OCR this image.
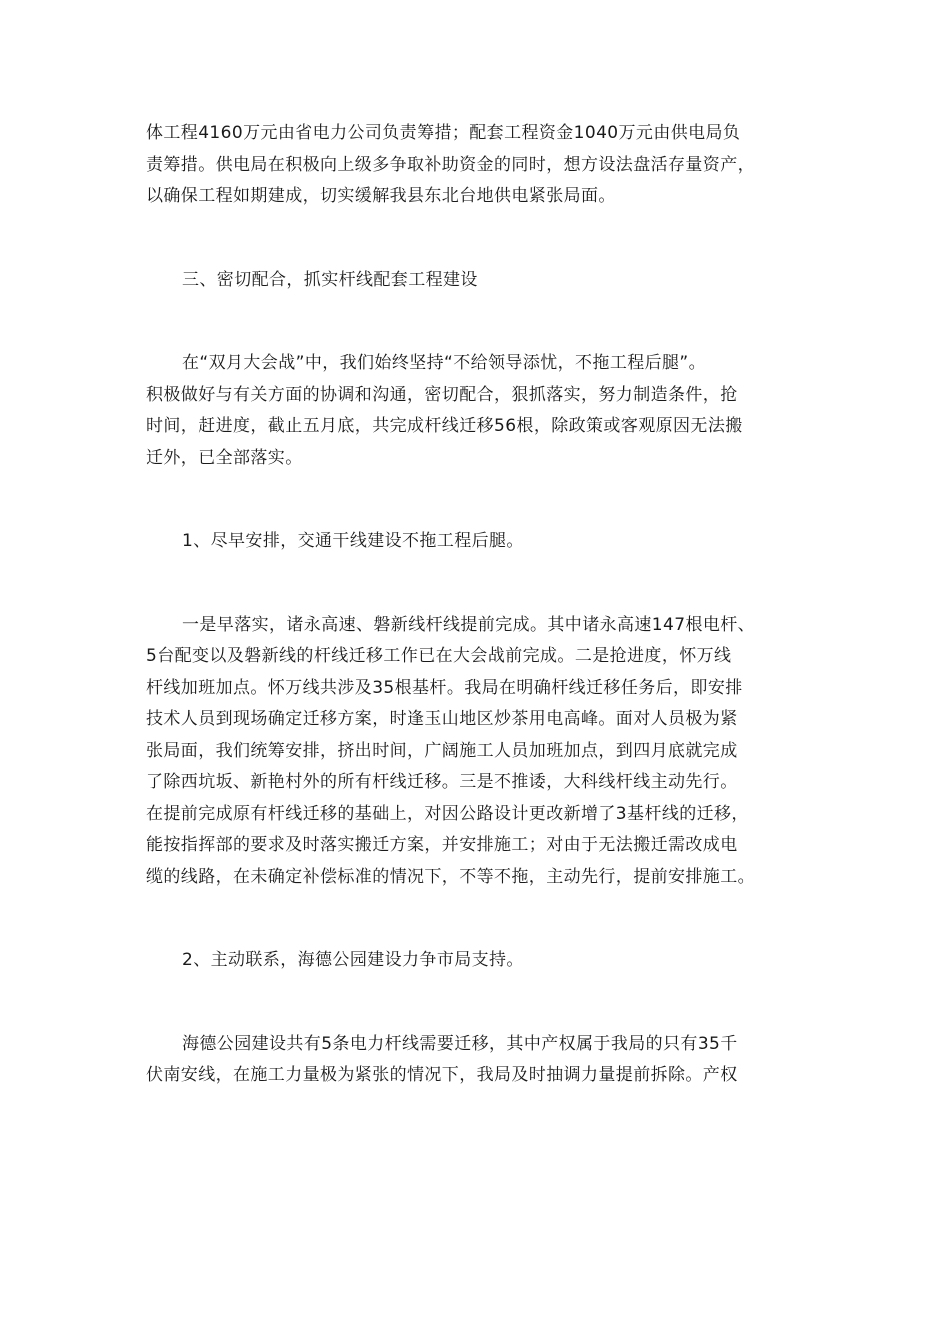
体工程4160万元由省电力公司负责筹措；配套工程资金1040万元由供电局负
责筹措。供电局在积极向上级多争取补助资金的同时，想方设法盘活存量资产，
以确保工程如期建成，切实缓解我县东北台地供电紧张局面。

三、密切配合，抓实杆线配套工程建设

在“双月大会战”中，我们始终坚持“不给领导添忧，不拖工程后腿”。
积极做好与有关方面的协调和沟通，密切配合，狠抓落实，努力制造条件，抢
时间，赶进度，截止五月底，共完成杆线迁移56根，除政策或客观原因无法搬
迁外，已全部落实。

1、尽早安排，交通干线建设不拖工程后腿。

一是早落实，诸永高速、磐新线杆线提前完成。其中诸永高速147根电杆、
5台配变以及磐新线的杆线迁移工作已在大会战前完成。二是抢进度，怀万线
杆线加班加点。怀万线共涉及35根基杆。我局在明确杆线迁移任务后，即安排
技术人员到现场确定迁移方案，时逢玉山地区炒茶用电高峰。面对人员极为紧
张局面，我们统筹安排，挤出时间，广阔施工人员加班加点，到四月底就完成
了除西坑坂、新艳村外的所有杆线迁移。三是不推诿，大科线杆线主动先行。
在提前完成原有杆线迁移的基础上，对因公路设计更改新增了3基杆线的迁移，
能按指挥部的要求及时落实搬迁方案，并安排施工；对由于无法搬迁需改成电
缆的线路，在未确定补偿标准的情况下，不等不拖，主动先行，提前安排施工。

2、主动联系，海德公园建设力争市局支持。

海德公园建设共有5条电力杆线需要迁移，其中产权属于我局的只有35千
伏南安线，在施工力量极为紧张的情况下，我局及时抽调力量提前拆除。产权
